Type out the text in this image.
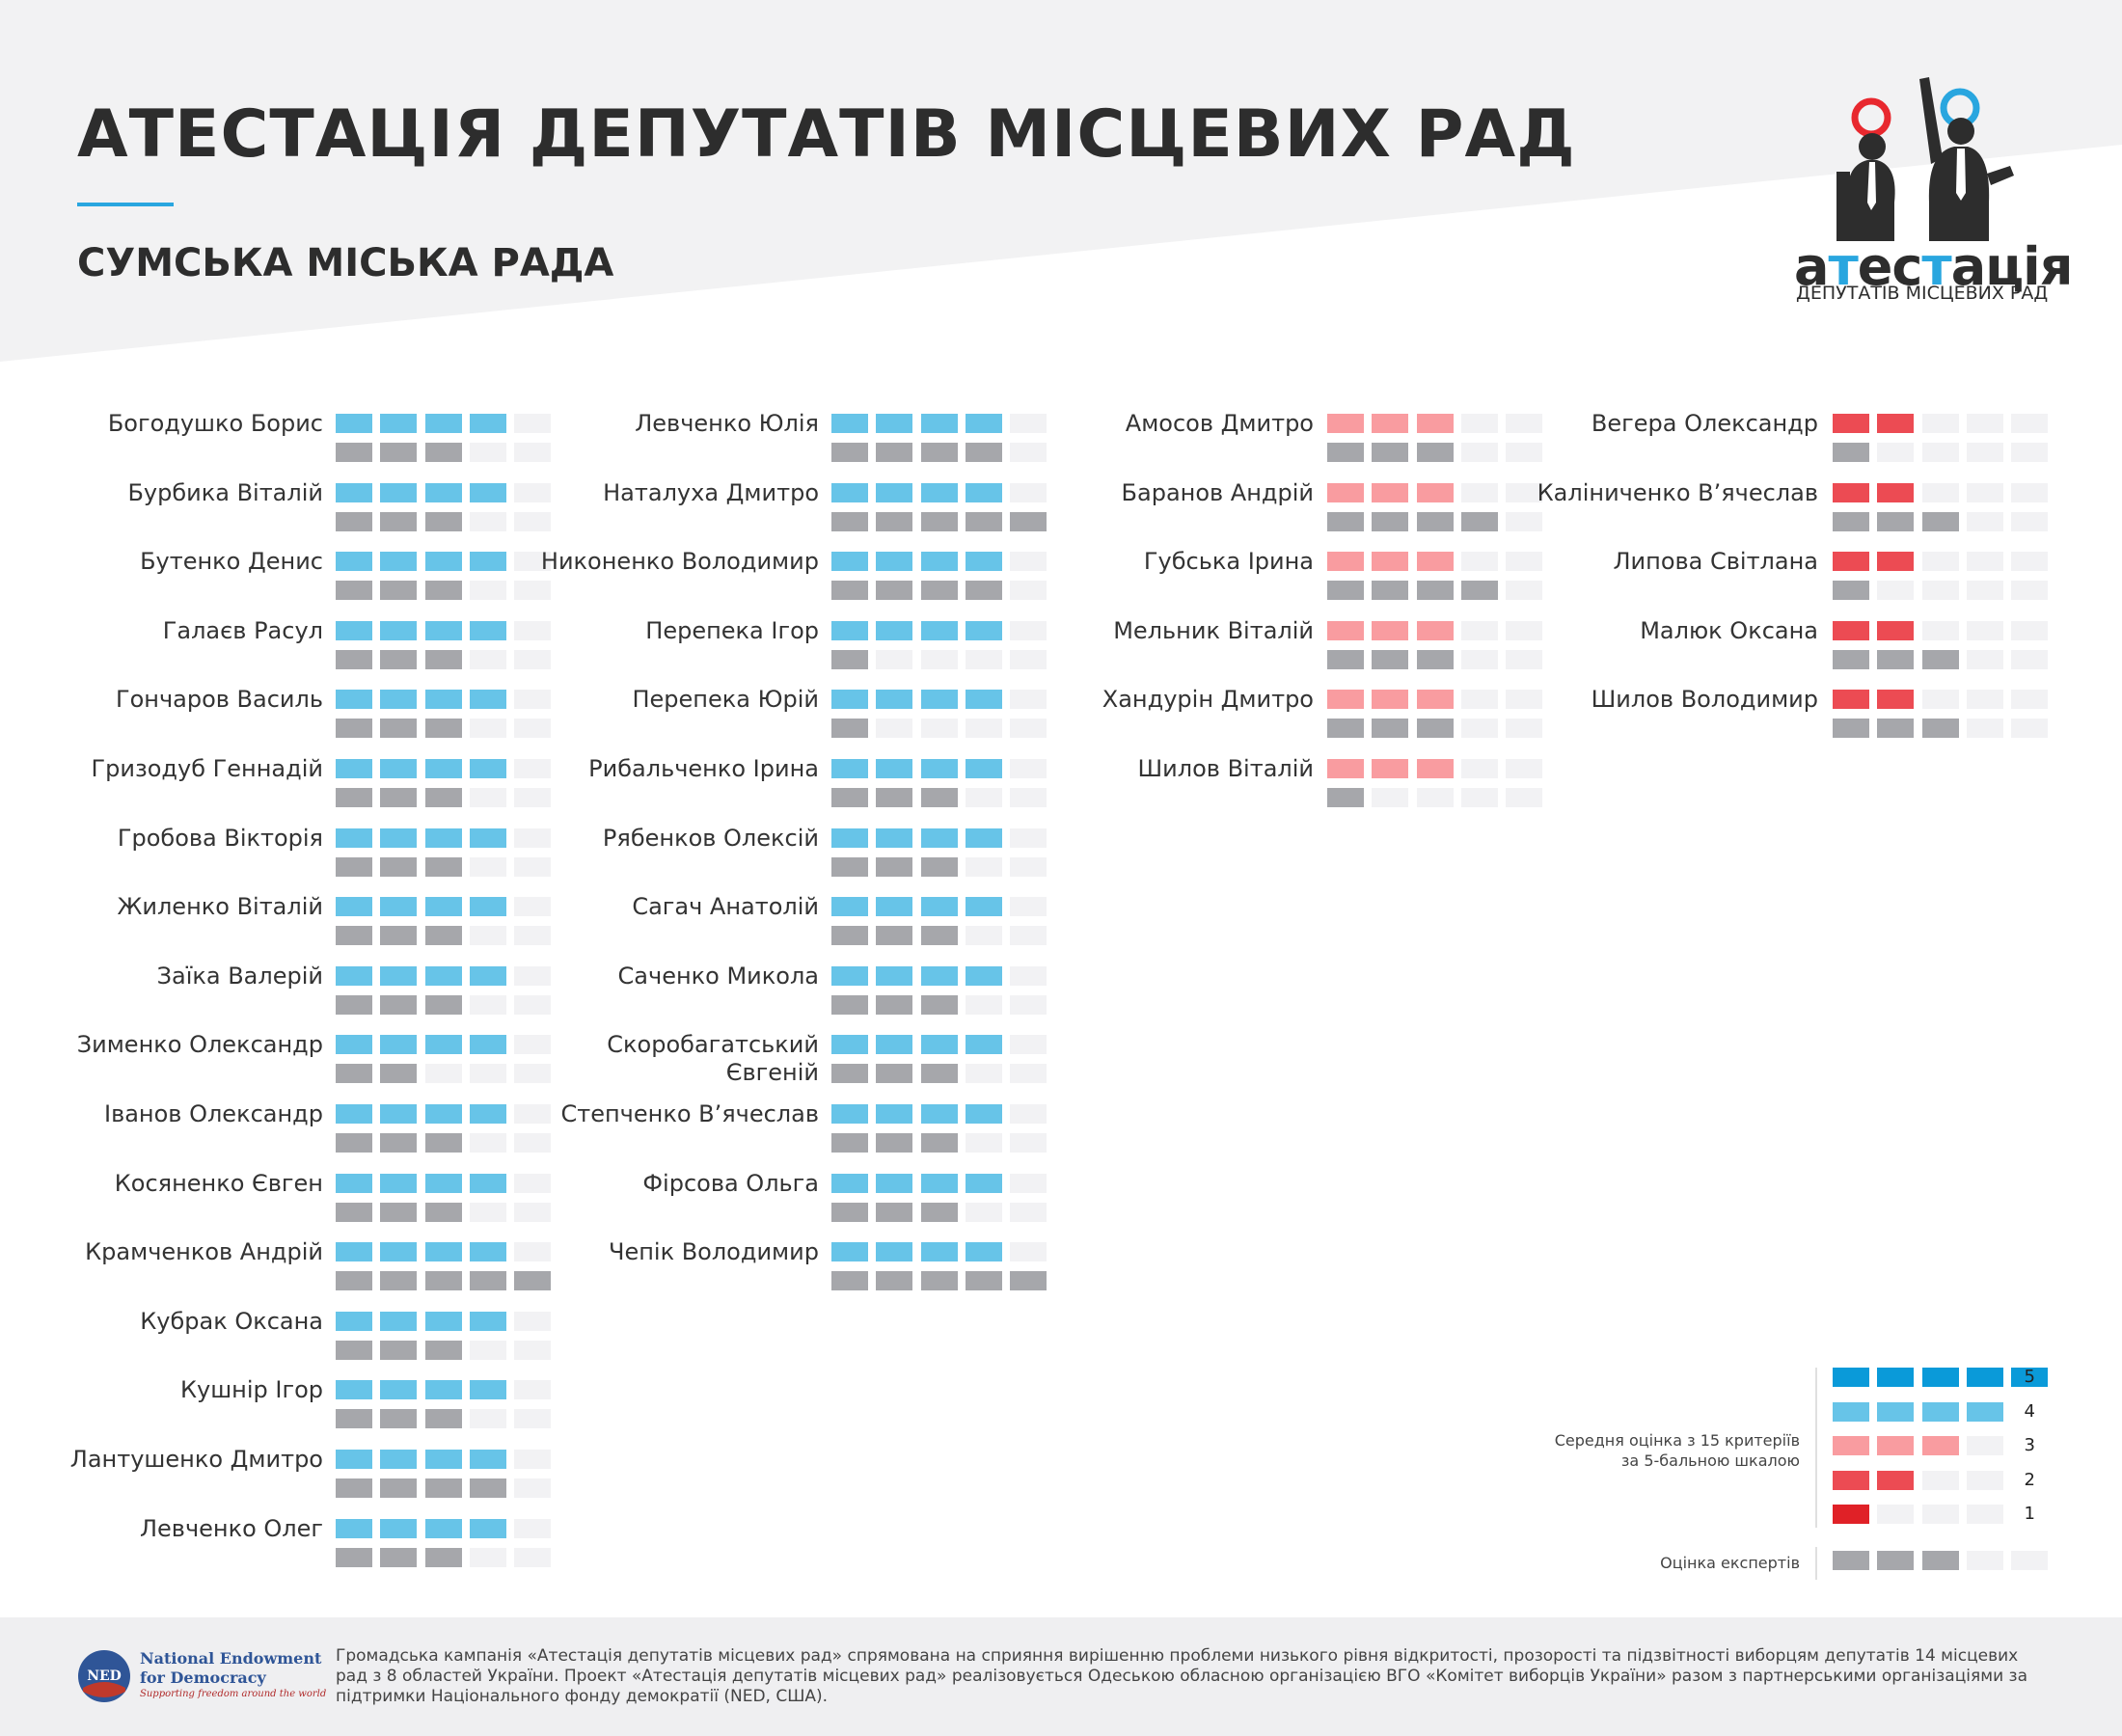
АТЕСТАЦІЯ ДЕПУТАТІВ МІСЦЕВИХ РАД
СУМСЬКА МІСЬКА РАДА	атестація
ДЕПУТАТІВ МІСЦЕВИХ РАД
Богодушко Борис
Бурбика Віталій
Бутенко Денис
Галаєв Расул
Гончаров Василь
Гризодуб Геннадій
Гробова Вікторія
Жиленко Віталій
Заїка Валерій
Зименко Олександр
Іванов Олександр
Косяненко Євген
Крамченков Андрій
Кубрак Оксана
Кушнір Ігор
Лантушенко Дмитро
Левченко Олег
Левченко Юлія
Наталуха Дмитро
Никоненко Володимир
Перепека Ігор
Перепека Юрій
Рибальченко Ірина
Рябенков Олексій
Сагач Анатолій
Саченко Микола
Скоробагатський Євгеній
Степченко В’ячеслав
Фірсова Ольга
Чепік Володимир
Амосов Дмитро
Баранов Андрій
Губська Ірина
Мельник Віталій
Хандурін Дмитро
Шилов Віталій
Вегера Олександр
Каліниченко В’ячеслав
Липова Світлана
Малюк Оксана
Шилов Володимир
Середня оцінка з 15 критеріїв
за 5-бальною шкалою
Оцінка експертів
5
4
3
2
1
NED
National Endowment
for Democracy
Supporting freedom around the world
Громадська кампанія «Атестація депутатів місцевих рад» спрямована на сприяння вирішенню проблеми низького рівня відкритості, прозорості та підзвітності виборцям депутатів 14 місцевих рад з 8 областей України. Проект «Атестація депутатів місцевих рад» реалізовується Одеською обласною організацією ВГО «Комітет виборців України» разом з партнерськими організаціями за підтримки Національного фонду демократії (NED, США).
